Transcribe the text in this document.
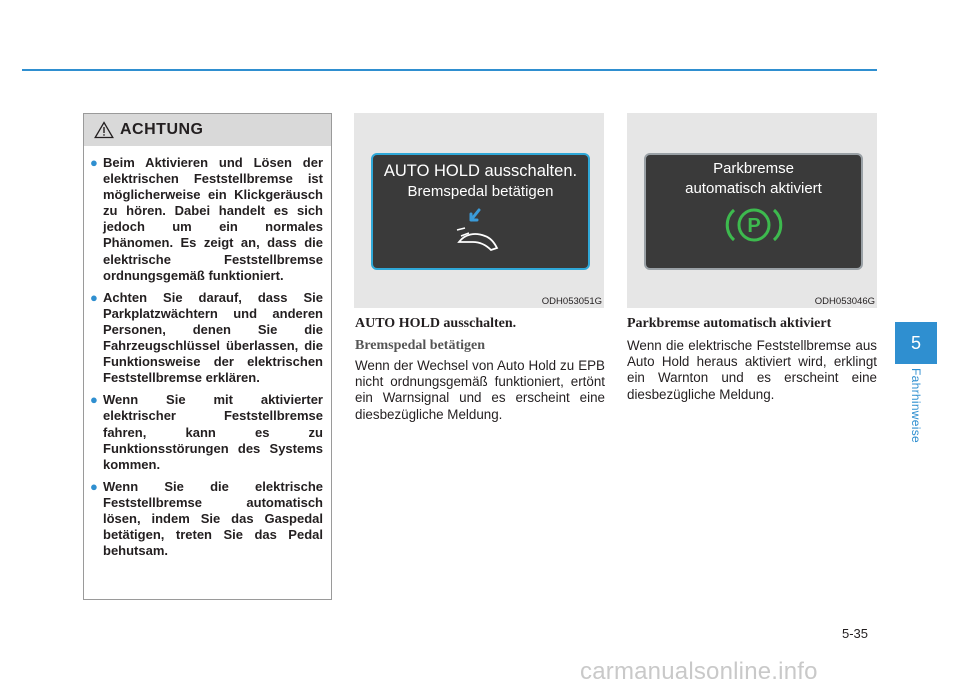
ACHTUNG
● Beim Aktivieren und Lösen der elektrischen Feststellbremse ist möglicherweise ein Klickgeräusch zu hören. Dabei handelt es sich jedoch um ein normales Phänomen. Es zeigt an, dass die elektrische Feststellbremse ordnungsgemäß funktioniert.
● Achten Sie darauf, dass Sie Parkplatzwächtern und anderen Personen, denen Sie die Fahrzeugschlüssel überlassen, die Funktionsweise der elektrischen Feststellbremse erklären.
● Wenn Sie mit aktivierter elektrischer Feststellbremse fahren, kann es zu Funktionsstörungen des Systems kommen.
● Wenn Sie die elektrische Feststellbremse automatisch lösen, indem Sie das Gaspedal betätigen, treten Sie das Pedal behutsam.
AUTO HOLD ausschalten.
Bremspedal betätigen
ODH053051G
Parkbremse
automatisch aktiviert
P
ODH053046G

AUTO HOLD ausschalten.

Bremspedal betätigen

Wenn der Wechsel von Auto Hold zu EPB nicht ordnungsgemäß funktioniert, ertönt ein Warnsignal und es erscheint eine diesbezügliche Meldung.

Parkbremse automatisch aktiviert

Wenn die elektrische Feststellbremse aus Auto Hold heraus aktiviert wird, erklingt ein Warnton und es erscheint eine diesbezügliche Meldung.

5
Fahrhinweise
5-35
carmanualsonline.info
